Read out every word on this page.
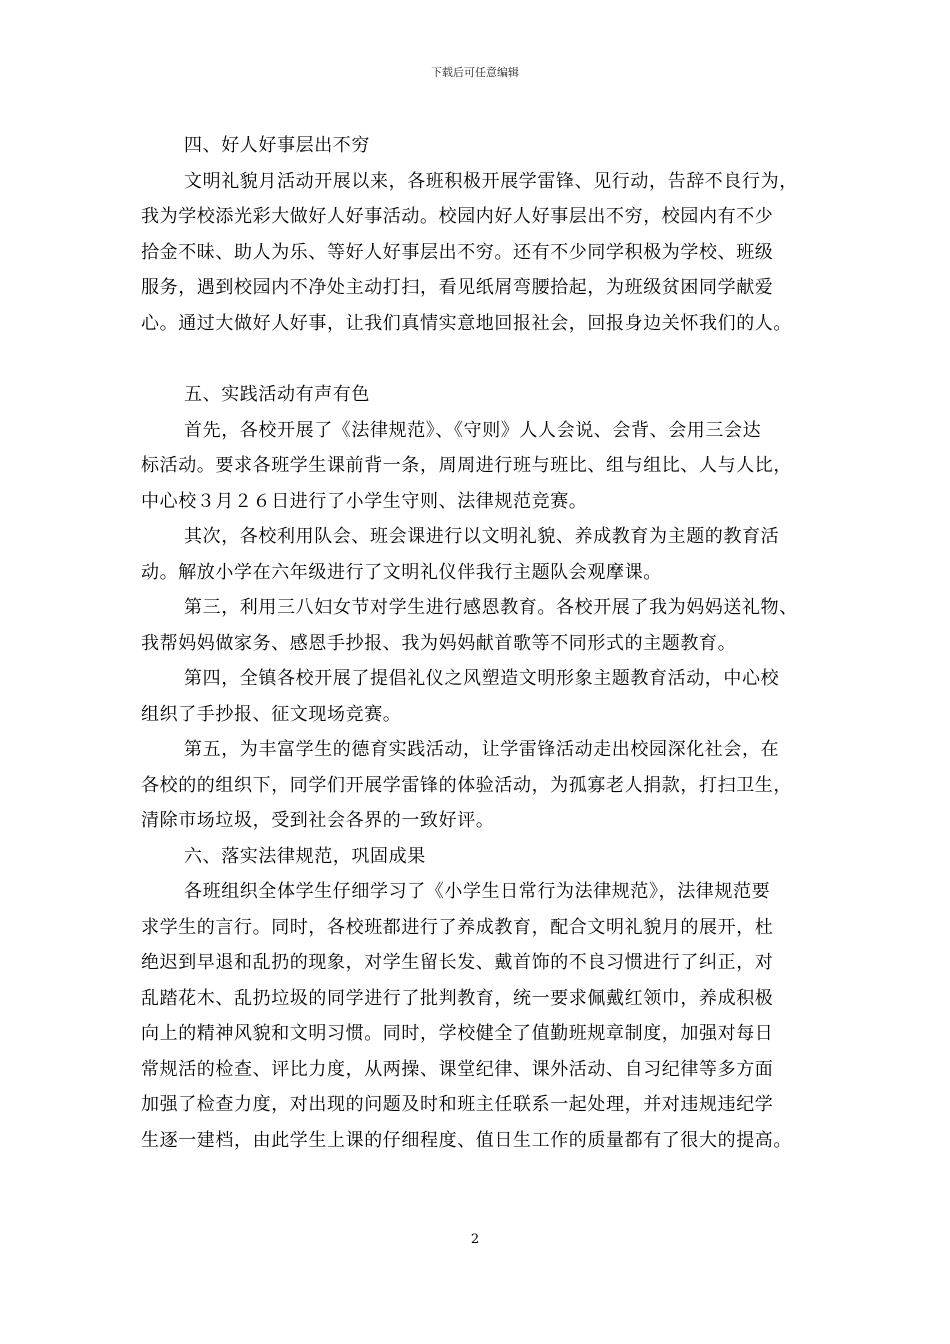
下载后可任意编辑

四、好人好事层出不穷

文明礼貌月活动开展以来，各班积极开展学雷锋、见行动，告辞不良行为，

我为学校添光彩大做好人好事活动。校园内好人好事层出不穷，校园内有不少

拾金不昧、助人为乐、等好人好事层出不穷。还有不少同学积极为学校、班级

服务，遇到校园内不净处主动打扫，看见纸屑弯腰拾起，为班级贫困同学献爱

心。通过大做好人好事，让我们真情实意地回报社会，回报身边关怀我们的人。

五、实践活动有声有色

首先，各校开展了《法律规范》、《守则》人人会说、会背、会用三会达

标活动。要求各班学生课前背一条，周周进行班与班比、组与组比、人与人比，

中心校３月２６日进行了小学生守则、法律规范竞赛。

其次，各校利用队会、班会课进行以文明礼貌、养成教育为主题的教育活

动。解放小学在六年级进行了文明礼仪伴我行主题队会观摩课。

第三，利用三八妇女节对学生进行感恩教育。各校开展了我为妈妈送礼物、

我帮妈妈做家务、感恩手抄报、我为妈妈献首歌等不同形式的主题教育。

第四，全镇各校开展了提倡礼仪之风塑造文明形象主题教育活动，中心校

组织了手抄报、征文现场竞赛。

第五，为丰富学生的德育实践活动，让学雷锋活动走出校园深化社会，在

各校的的组织下，同学们开展学雷锋的体验活动，为孤寡老人捐款，打扫卫生，

清除市场垃圾，受到社会各界的一致好评。

六、落实法律规范，巩固成果

各班组织全体学生仔细学习了《小学生日常行为法律规范》，法律规范要

求学生的言行。同时，各校班都进行了养成教育，配合文明礼貌月的展开，杜

绝迟到早退和乱扔的现象，对学生留长发、戴首饰的不良习惯进行了纠正，对

乱踏花木、乱扔垃圾的同学进行了批判教育，统一要求佩戴红领巾，养成积极

向上的精神风貌和文明习惯。同时，学校健全了值勤班规章制度，加强对每日

常规活的检查、评比力度，从两操、课堂纪律、课外活动、自习纪律等多方面

加强了检查力度，对出现的问题及时和班主任联系一起处理，并对违规违纪学

生逐一建档，由此学生上课的仔细程度、值日生工作的质量都有了很大的提高。

2
